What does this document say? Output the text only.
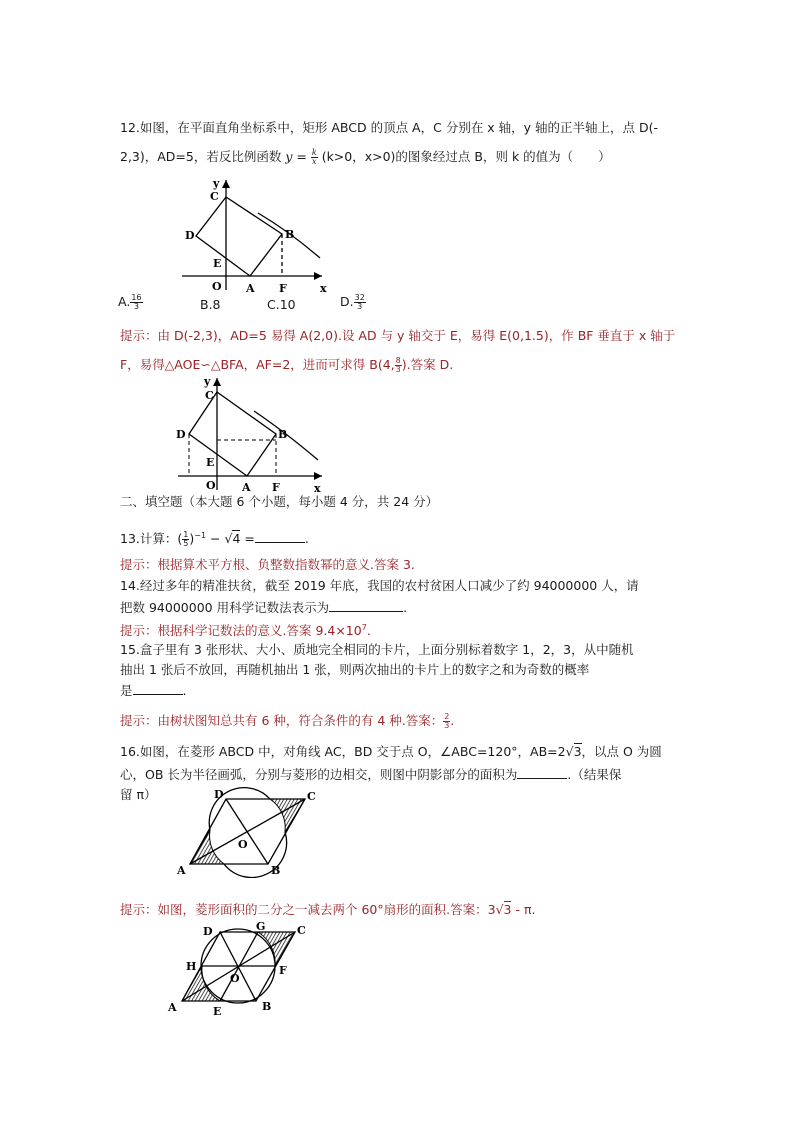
12.如图，在平面直角坐标系中，矩形 ABCD 的顶点 A，C 分别在 x 轴，y 轴的正半轴上，点 D(-
2,3)，AD=5，若反比例函数 $y = \frac{k}{x} (k>0$，x>0)的图象经过点 B，则 k 的值为（　　）
y
x
C
D	B
E
O A F
A. $\frac{16}{3}$	B.8	C.10	D. $\frac{32}{3}$
提示：由 D(-2,3)，AD=5 易得 A(2,0).设 AD 与 y 轴交于 E，易得 E(0,1.5)，作 BF 垂直于 x 轴于
F，易得△AOE∽△BFA，AF=2，进而可求得 B(4, $\frac{8}{3}$ ).答案 D.
y
x
C
D	B
E
O A F
二、填空题（本大题 6 个小题，每小题 4 分，共 24 分）
13.计算：( $\frac{1}{5} )^{-1} - √4$ =	.
提示：根据算术平方根、负整数指数幂的意义.答案 3.
14.经过多年的精准扶贫，截至 2019 年底，我国的农村贫困人口减少了约 94000000 人，请
把数 94000000 用科学记数法表示为	.
提示：根据科学记数法的意义.答案 $9.4\times 10^7$.
15.盒子里有 3 张形状、大小、质地完全相同的卡片，上面分别标着数字 1，2，3，从中随机
抽出 1 张后不放回，再随机抽出 1 张，则两次抽出的卡片上的数字之和为奇数的概率
是	.
提示：由树状图知总共有 6 种，符合条件的有 4 种.答案： $\frac{2}{3}$ .
16.如图，在菱形 ABCD 中，对角线 AC，BD 交于点 O，∠ABC=120°，AB=2√3，以点 O 为圆
心，OB 长为半径画弧，分别与菱形的边相交，则图中阴影部分的面积为	.（结果保
留 π）	D	C
O
A	B
提示：如图，菱形面积的二分之一减去两个 60°扇形的面积.答案：3√3 - π.
D	G	C
H	F
O
A	E	B
